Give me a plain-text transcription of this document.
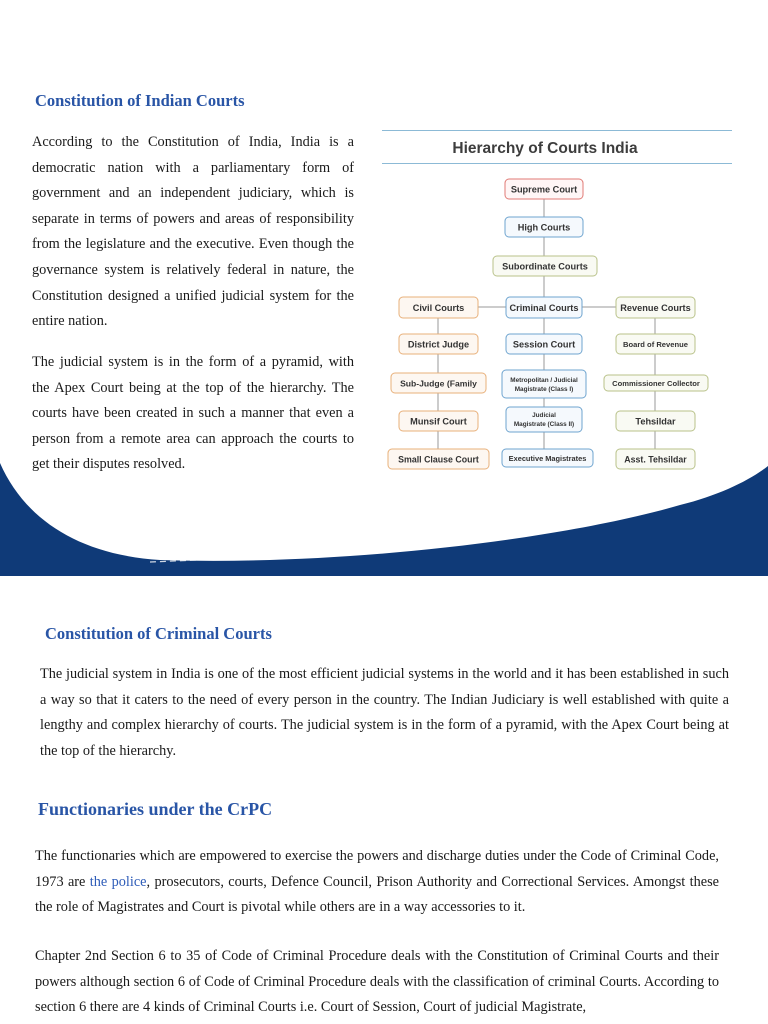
Constitution of Indian Courts

According to the Constitution of India, India is a democratic nation with a parliamentary form of government and an independent judiciary, which is separate in terms of powers and areas of responsibility from the legislature and the executive. Even though the governance system is relatively federal in nature, the Constitution designed a unified judicial system for the entire nation.

The judicial system is in the form of a pyramid, with the Apex Court being at the top of the hierarchy. The courts have been created in such a manner that even a person from a remote area can approach the courts to get their disputes resolved.

Hierarchy of Courts India
Supreme Court
High Courts
Subordinate Courts
Criminal Courts
Session Court
Metropolitan / Judicial
Magistrate (Class I)
Judicial
Magistrate (Class II)
Executive Magistrates
Civil Courts
District Judge
Sub-Judge (Family
Munsif Court
Small Clause Court
Revenue Courts
Board of Revenue
Commissioner Collector
Tehsildar
Asst. Tehsildar
Constitution of Criminal Courts

The judicial system in India is one of the most efficient judicial systems in the world and it has been established in such a way so that it caters to the need of every person in the country. The Indian Judiciary is well established with quite a lengthy and complex hierarchy of courts. The judicial system is in the form of a pyramid, with the Apex Court being at the top of the hierarchy.

Functionaries under the CrPC

The functionaries which are empowered to exercise the powers and discharge duties under the Code of Criminal Code, 1973 are the police, prosecutors, courts, Defence Council, Prison Authority and Correctional Services. Amongst these the role of Magistrates and Court is pivotal while others are in a way accessories to it.

Chapter 2nd Section 6 to 35 of Code of Criminal Procedure deals with the Constitution of Criminal Courts and their powers although section 6 of Code of Criminal Procedure deals with the classification of criminal Courts. According to section 6 there are 4 kinds of Criminal Courts i.e. Court of Session, Court of judicial Magistrate,
